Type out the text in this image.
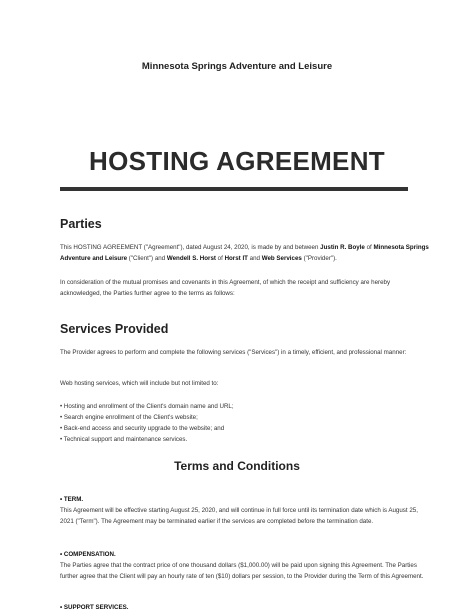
Minnesota Springs Adventure and Leisure
HOSTING AGREEMENT
Parties
This HOSTING AGREEMENT ("Agreement"), dated August 24, 2020, is made by and between Justin R. Boyle of Minnesota Springs Adventure and Leisure ("Client") and Wendell S. Horst of Horst IT and Web Services ("Provider").
In consideration of the mutual promises and covenants in this Agreement, of which the receipt and sufficiency are hereby acknowledged, the Parties further agree to the terms as follows:
Services Provided
The Provider agrees to perform and complete the following services ("Services") in a timely, efficient, and professional manner:
Web hosting services, which will include but not limited to:
• Hosting and enrollment of the Client's domain name and URL;
• Search engine enrollment of the Client's website;
• Back-end access and security upgrade to the website; and
• Technical support and maintenance services.
Terms and Conditions
• TERM.
This Agreement will be effective starting August 25, 2020, and will continue in full force until its termination date which is August 25, 2021 ("Term"). The Agreement may be terminated earlier if the services are completed before the termination date.
• COMPENSATION.
The Parties agree that the contract price of one thousand dollars ($1,000.00) will be paid upon signing this Agreement. The Parties further agree that the Client will pay an hourly rate of ten ($10) dollars per session, to the Provider during the Term of this Agreement.
• SUPPORT SERVICES.
